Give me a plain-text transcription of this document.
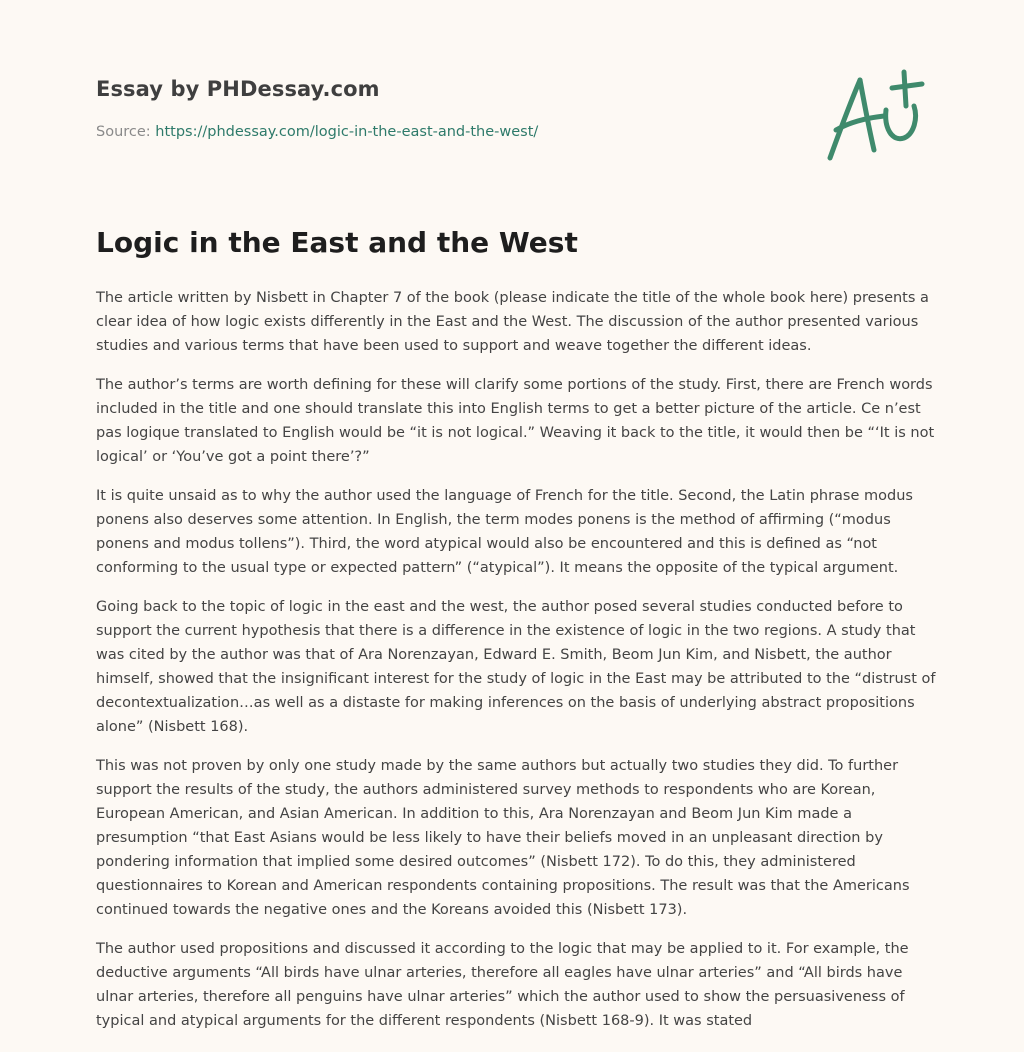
Essay by PHDessay.com
Source: https://phdessay.com/logic-in-the-east-and-the-west/
Logic in the East and the West

The article written by Nisbett in Chapter 7 of the book (please indicate the title of the whole book here) presents a clear idea of how logic exists differently in the East and the West. The discussion of the author presented various studies and various terms that have been used to support and weave together the different ideas.

The author’s terms are worth defining for these will clarify some portions of the study. First, there are French words included in the title and one should translate this into English terms to get a better picture of the article. Ce n’est pas logique translated to English would be “it is not logical.” Weaving it back to the title, it would then be “‘It is not logical’ or ‘You’ve got a point there’?”

It is quite unsaid as to why the author used the language of French for the title. Second, the Latin phrase modus ponens also deserves some attention. In English, the term modes ponens is the method of affirming (“modus ponens and modus tollens”). Third, the word atypical would also be encountered and this is defined as “not conforming to the usual type or expected pattern” (“atypical”). It means the opposite of the typical argument.

Going back to the topic of logic in the east and the west, the author posed several studies conducted before to support the current hypothesis that there is a difference in the existence of logic in the two regions. A study that was cited by the author was that of Ara Norenzayan, Edward E. Smith, Beom Jun Kim, and Nisbett, the author himself, showed that the insignificant interest for the study of logic in the East may be attributed to the “distrust of decontextualization…as well as a distaste for making inferences on the basis of underlying abstract propositions alone” (Nisbett 168).

This was not proven by only one study made by the same authors but actually two studies they did. To further support the results of the study, the authors administered survey methods to respondents who are Korean, European American, and Asian American. In addition to this, Ara Norenzayan and Beom Jun Kim made a presumption “that East Asians would be less likely to have their beliefs moved in an unpleasant direction by pondering information that implied some desired outcomes” (Nisbett 172). To do this, they administered questionnaires to Korean and American respondents containing propositions. The result was that the Americans continued towards the negative ones and the Koreans avoided this (Nisbett 173).

The author used propositions and discussed it according to the logic that may be applied to it. For example, the deductive arguments “All birds have ulnar arteries, therefore all eagles have ulnar arteries” and “All birds have ulnar arteries, therefore all penguins have ulnar arteries” which the author used to show the persuasiveness of typical and atypical arguments for the different respondents (Nisbett 168-9). It was stated
